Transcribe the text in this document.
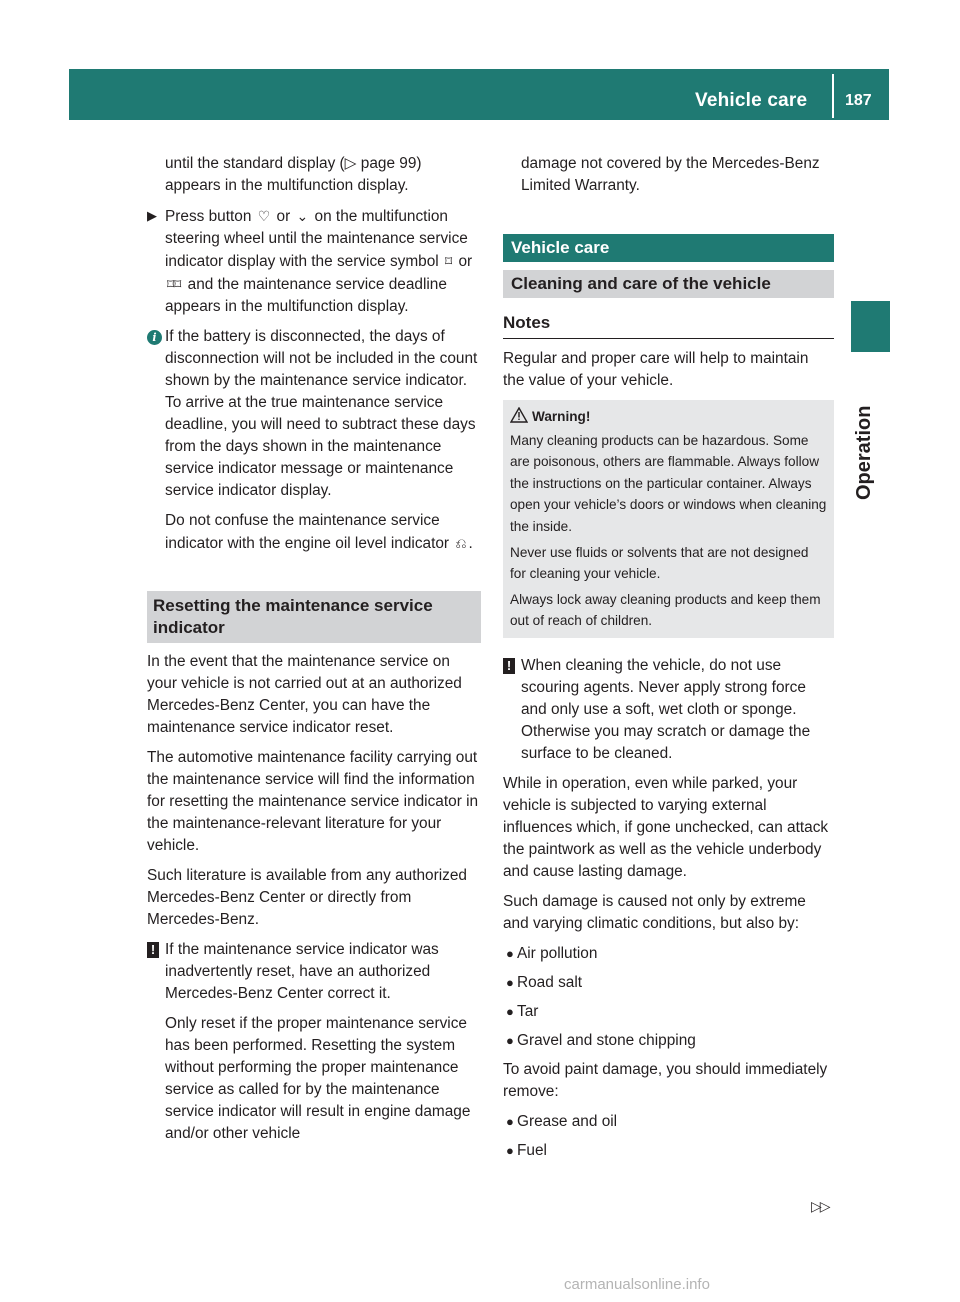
Vehicle care 187
Operation

until the standard display (▷ page 99) appears in the multifunction display.

▶ Press button ♡ or ⌄ on the multifunction steering wheel until the maintenance service indicator display with the service symbol ⌑ or ⌑⌑ and the maintenance service deadline appears in the multifunction display.
i If the battery is disconnected, the days of disconnection will not be included in the count shown by the maintenance service indicator. To arrive at the true maintenance service deadline, you will need to subtract these days from the days shown in the maintenance service indicator message or maintenance service indicator display.

Do not confuse the maintenance service indicator with the engine oil level indicator ⎌ .

Resetting the maintenance service indicator

In the event that the maintenance service on your vehicle is not carried out at an authorized Mercedes-Benz Center, you can have the maintenance service indicator reset.

The automotive maintenance facility carrying out the maintenance service will find the information for resetting the maintenance service indicator in the maintenance-relevant literature for your vehicle.

Such literature is available from any authorized Mercedes-Benz Center or directly from Mercedes-Benz.

! If the maintenance service indicator was inadvertently reset, have an authorized Mercedes-Benz Center correct it.

Only reset if the proper maintenance service has been performed. Resetting the system without performing the proper maintenance service as called for by the maintenance service indicator will result in engine damage and/or other vehicle

damage not covered by the Mercedes-Benz Limited Warranty.

Vehicle care
Cleaning and care of the vehicle
Notes

Regular and proper care will help to maintain the value of your vehicle.

Warning!

Many cleaning products can be hazardous. Some are poisonous, others are flammable. Always follow the instructions on the particular container. Always open your vehicle’s doors or windows when cleaning the inside.

Never use fluids or solvents that are not designed for cleaning your vehicle.

Always lock away cleaning products and keep them out of reach of children.

! When cleaning the vehicle, do not use scouring agents. Never apply strong force and only use a soft, wet cloth or sponge. Otherwise you may scratch or damage the surface to be cleaned.

While in operation, even while parked, your vehicle is subjected to varying external influences which, if gone unchecked, can attack the paintwork as well as the vehicle underbody and cause lasting damage.

Such damage is caused not only by extreme and varying climatic conditions, but also by:

● Air pollution
● Road salt
● Tar
● Gravel and stone chipping

To avoid paint damage, you should immediately remove:

● Grease and oil
● Fuel
▷▷
carmanualsonline.info
